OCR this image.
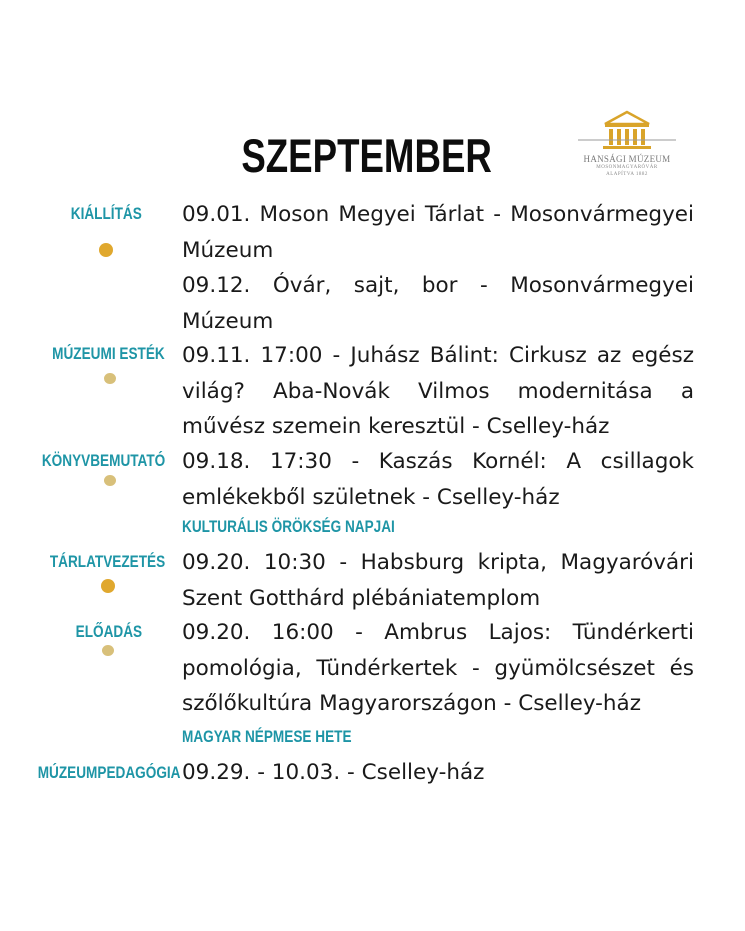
SZEPTEMBER	HANSÁGI MÚZEUM
MOSONMAGYARÓVÁR
ALAPÍTVA 1882
KIÁLLÍTÁS 09.01. Moson Megyei Tárlat - Mosonvármegyei Múzeum
09.12. Óvár, sajt, bor - Mosonvármegyei Múzeum
MÚZEUMI ESTÉK 09.11. 17:00 - Juhász Bálint: Cirkusz az egész világ? Aba-Novák Vilmos modernitása a művész szemein keresztül - Cselley-ház
KÖNYVBEMUTATÓ 09.18. 17:30 - Kaszás Kornél: A csillagok emlékekből születnek - Cselley-ház
KULTURÁLIS ÖRÖKSÉG NAPJAI
TÁRLATVEZETÉS 09.20. 10:30 - Habsburg kripta, Magyaróvári Szent Gotthárd plébániatemplom
ELŐADÁS 09.20. 16:00 - Ambrus Lajos: Tündérkerti pomológia, Tündérkertek - gyümölcsészet és szőlőkultúra Magyarországon - Cselley-ház
MAGYAR NÉPMESE HETE
MÚZEUMPEDAGÓGIA 09.29. - 10.03. - Cselley-ház
